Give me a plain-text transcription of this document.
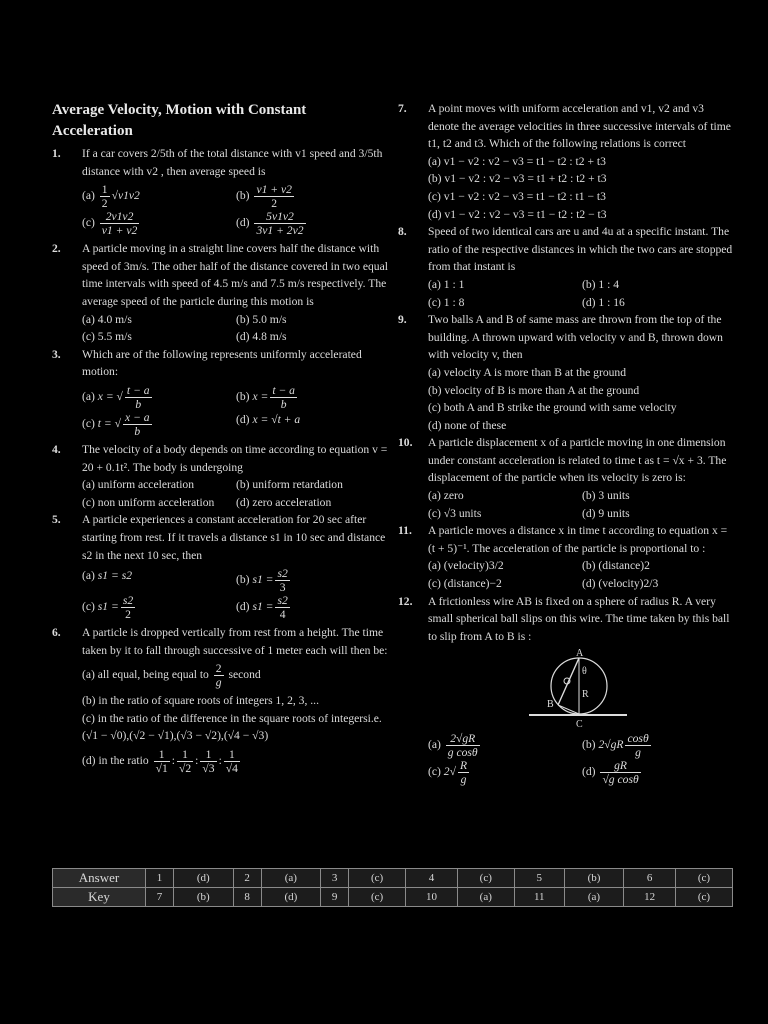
Average Velocity, Motion with Constant Acceleration
1. If a car covers 2/5th of the total distance with v1 speed and 3/5th distance with v2 , then average speed is
$(a) \frac{1}{2} √v1v2$	$(b) \frac{v1 + v2}{2}$
$(c) \frac{2v1v2}{v1 + v2}$	$(d) \frac{5v1v2}{3v1 + 2v2}$
2. A particle moving in a straight line covers half the distance with speed of 3m/s. The other half of the distance covered in two equal time intervals with speed of 4.5 m/s and 7.5 m/s respectively. The average speed of the particle during this motion is
(a) 4.0 m/s	(b) 5.0 m/s
(c) 5.5 m/s	(d) 4.8 m/s
3. Which are of the following represents uniformly accelerated motion:
(a) x = √ $\frac{t - a}{b}$	(b) $x = \frac{t - a}{b}$
(c) t = √ $\frac{x - a}{b}$	(d) x = √t + a
4. The velocity of a body depends on time according to equation v = 20 + 0.1t². The body is undergoing
(a) uniform acceleration	(b) uniform retardation
(c) non uniform acceleration	(d) zero acceleration
5. A particle experiences a constant acceleration for 20 sec after starting from rest. If it travels a distance s1 in 10 sec and distance s2 in the next 10 sec, then
(a) s1 = s2	(b) $s1 = \frac{s2}{3}$
(c) $s1 = \frac{s2}{2}$	(d) $s1 = \frac{s2}{4}$
6. A particle is dropped vertically from rest from a height. The time taken by it to fall through successive of 1 meter each will then be:
(a) all equal, being equal to $\frac{2}{g}$ second
(b) in the ratio of square roots of integers 1, 2, 3, ...
(c) in the ratio of the difference in the square roots of integersi.e.(√1 − √0),(√2 − √1),(√3 − √2),(√4 − √3)
(d) in the ratio $\frac{1}{√1}$ : $\frac{1}{√2}$ : $\frac{1}{√3}$ : $\frac{1}{√4}$
7. A point moves with uniform acceleration and v1, v2 and v3 denote the average velocities in three successive intervals of time t1, t2 and t3. Which of the following relations is correct
(a) v1 − v2 : v2 − v3 = t1 − t2 : t2 + t3
(b) v1 − v2 : v2 − v3 = t1 + t2 : t2 + t3
(c) v1 − v2 : v2 − v3 = t1 − t2 : t1 − t3
(d) v1 − v2 : v2 − v3 = t1 − t2 : t2 − t3
8. Speed of two identical cars are u and 4u at a specific instant. The ratio of the respective distances in which the two cars are stopped from that instant is
(a) 1 : 1	(b) 1 : 4
(c) 1 : 8	(d) 1 : 16
9. Two balls A and B of same mass are thrown from the top of the building. A thrown upward with velocity v and B, thrown down with velocity v, then
(a) velocity A is more than B at the ground
(b) velocity of B is more than A at the ground
(c) both A and B strike the ground with same velocity
(d) none of these
10. A particle displacement x of a particle moving in one dimension under constant acceleration is related to time t as t = √x + 3. The displacement of the particle when its velocity is zero is:
(a) zero	(b) 3 units
(c) √3 units	(d) 9 units
11. A particle moves a distance x in time t according to equation x = (t + 5)⁻¹. The acceleration of the particle is proportional to :
(a) (velocity)3/2	(b) (distance)2
(c) (distance)−2	(d) (velocity)2/3
12. A frictionless wire AB is fixed on a sphere of radius R. A very small spherical ball slips on this wire. The time taken by this ball to slip from A to B is :
A
B
C
R
θ
$(a) \frac{2√gR}{\text{g cosθ}}$	(b) $2√gR \frac{\cos\theta}{g}$
(c) $2√ \frac{R}{g}$	$(d) \frac{gR}{\text{√g cosθ}}$
Answer	1	(d)	2	(a)	3	(c)	4	(c)	5	(b)	6	(c)
Key	7	(b)	8	(d)	9	(c)	10	(a)	11	(a)	12	(c)
